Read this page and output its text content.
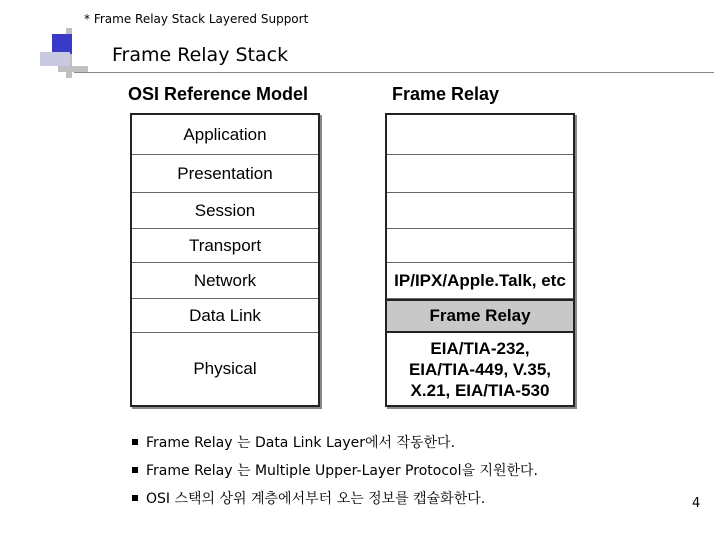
* Frame Relay Stack Layered Support
Frame Relay Stack
OSI Reference Model	Frame Relay
Application
Presentation
Session
Transport
Network
Data Link
Physical
IP/IPX/Apple.Talk, etc
Frame Relay
EIA/TIA-232,
EIA/TIA-449, V.35,
X.21, EIA/TIA-530
Frame Relay 는 Data Link Layer에서 작동한다.
Frame Relay 는 Multiple Upper-Layer Protocol을 지원한다.
OSI 스택의 상위 계층에서부터 오는 정보를 캡슐화한다.	4
